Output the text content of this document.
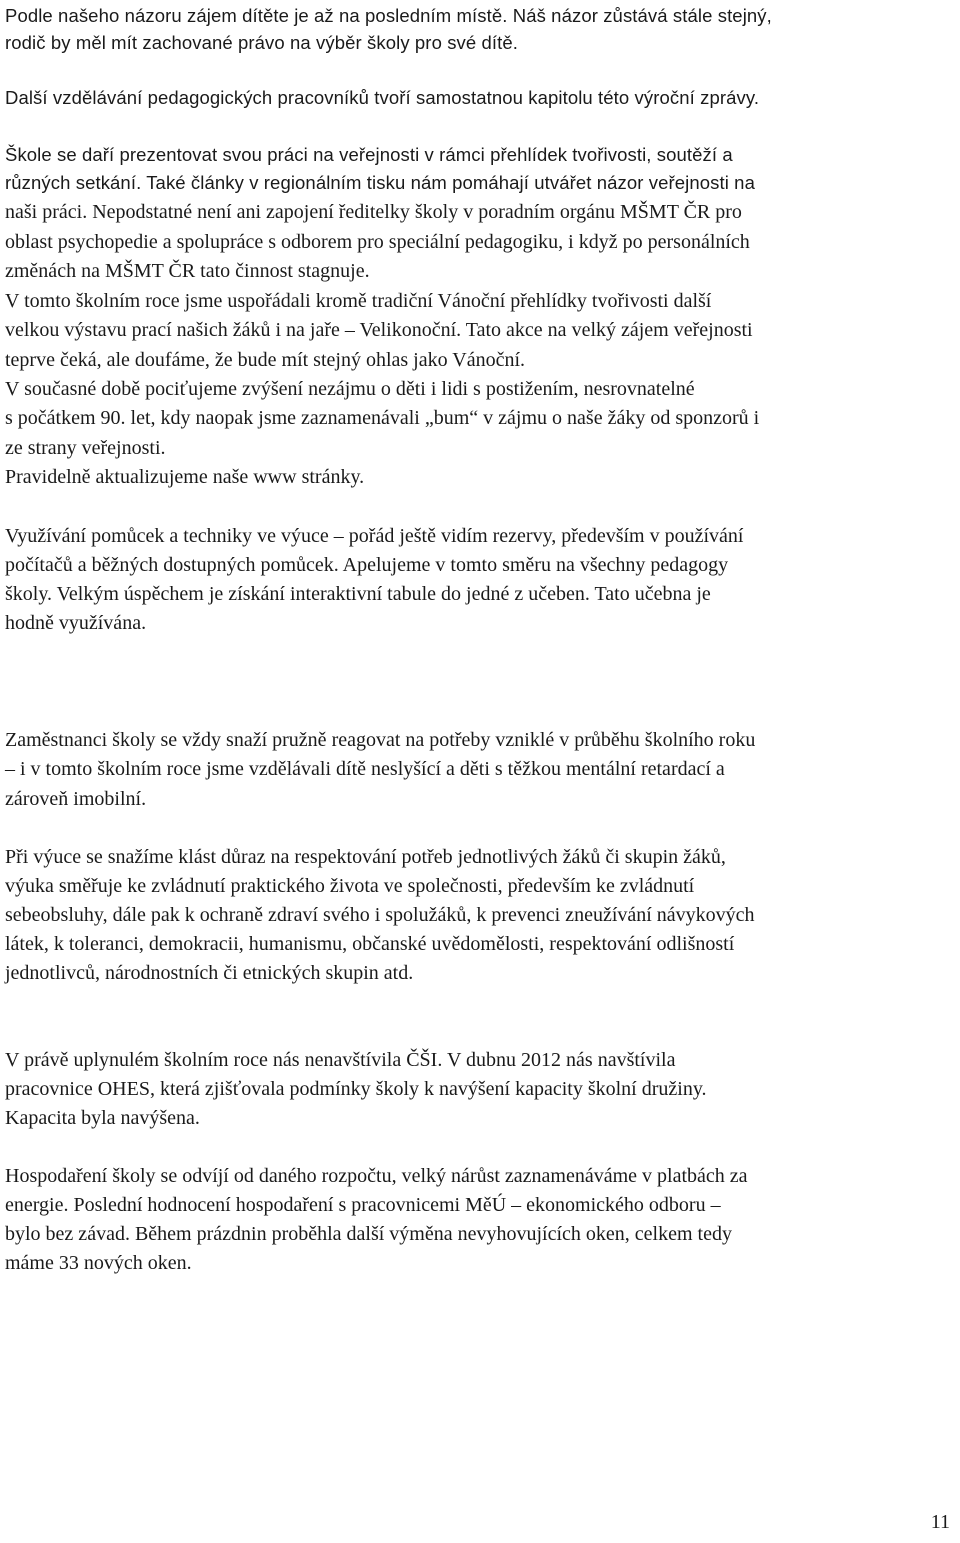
Podle našeho názoru zájem dítěte je až na posledním místě. Náš názor zůstává stále stejný,
rodič by měl mít zachované právo na výběr školy pro své dítě.
Další vzdělávání pedagogických pracovníků tvoří samostatnou kapitolu této výroční zprávy.
Škole se daří prezentovat svou práci na veřejnosti v rámci přehlídek tvořivosti, soutěží a
různých setkání. Také články v regionálním tisku nám pomáhají utvářet názor veřejnosti na
naši práci. Nepodstatné není ani zapojení ředitelky školy v poradním orgánu MŠMT ČR pro
oblast psychopedie a spolupráce s odborem pro speciální pedagogiku, i když po personálních
změnách na MŠMT ČR tato činnost stagnuje.
V tomto školním roce jsme uspořádali kromě tradiční Vánoční přehlídky tvořivosti další
velkou výstavu prací našich žáků i na jaře – Velikonoční. Tato akce na velký zájem veřejnosti
teprve čeká, ale doufáme, že bude mít stejný ohlas jako Vánoční.
V současné době pociťujeme zvýšení nezájmu o děti i lidi s postižením, nesrovnatelné
s počátkem 90. let, kdy naopak jsme zaznamenávali „bum“ v zájmu o naše žáky od sponzorů i
ze strany veřejnosti.
Pravidelně aktualizujeme naše www stránky.
Využívání pomůcek a techniky ve výuce – pořád ještě vidím rezervy, především v používání
počítačů a běžných dostupných pomůcek. Apelujeme v tomto směru na všechny pedagogy
školy. Velkým úspěchem je získání interaktivní tabule do jedné z učeben. Tato učebna je
hodně využívána.
Zaměstnanci školy se vždy snaží pružně reagovat na potřeby vzniklé v průběhu školního roku
– i v tomto školním roce jsme vzdělávali dítě neslyšící a děti s těžkou mentální retardací a
zároveň imobilní.
Při výuce se snažíme klást důraz na respektování potřeb jednotlivých žáků či skupin žáků,
výuka směřuje ke zvládnutí praktického života ve společnosti, především ke zvládnutí
sebeobsluhy, dále pak k ochraně zdraví svého i spolužáků, k prevenci zneužívání návykových
látek, k toleranci, demokracii, humanismu, občanské uvědomělosti, respektování odlišností
jednotlivců, národnostních či etnických skupin atd.
V právě uplynulém školním roce nás nenavštívila ČŠI. V dubnu 2012 nás navštívila
pracovnice OHES, která zjišťovala podmínky školy k navýšení kapacity školní družiny.
Kapacita byla navýšena.
Hospodaření školy se odvíjí od daného rozpočtu, velký nárůst zaznamenáváme v platbách za
energie. Poslední hodnocení hospodaření s pracovnicemi MěÚ – ekonomického odboru –
bylo bez závad. Během prázdnin proběhla další výměna nevyhovujících oken, celkem tedy
máme 33 nových oken.
11
